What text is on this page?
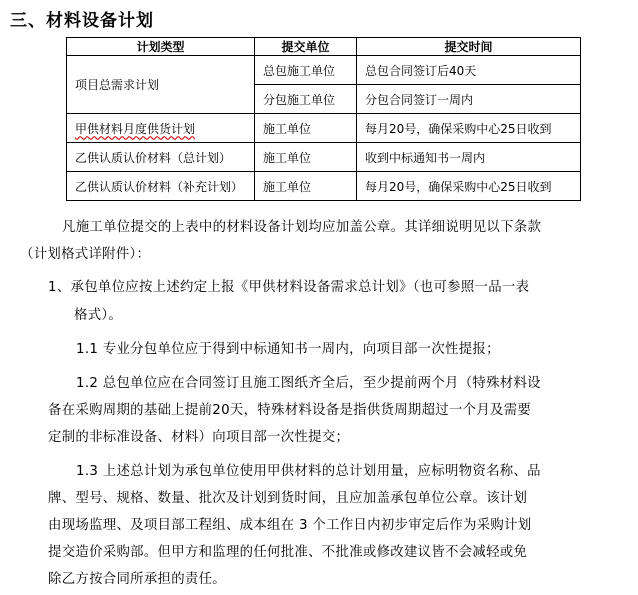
三、材料设备计划
计划类型	提交单位	提交时间
项目总需求计划	总包施工单位	总包合同签订后40天
	分包施工单位	分包合同签订一周内
甲供材料月度供货计划	施工单位	每月20号，确保采购中心25日收到
乙供认质认价材料（总计划）	施工单位	收到中标通知书一周内
乙供认质认价材料（补充计划）	施工单位	每月20号，确保采购中心25日收到
凡施工单位提交的上表中的材料设备计划均应加盖公章。其详细说明见以下条款
（计划格式详附件）：
1、承包单位应按上述约定上报《甲供材料设备需求总计划》（也可参照一品一表
格式）。
1.1 专业分包单位应于得到中标通知书一周内，向项目部一次性提报；
1.2 总包单位应在合同签订且施工图纸齐全后，至少提前两个月（特殊材料设
备在采购周期的基础上提前20天，特殊材料设备是指供货周期超过一个月及需要
定制的非标准设备、材料）向项目部一次性提交；
1.3 上述总计划为承包单位使用甲供材料的总计划用量，应标明物资名称、品
牌、型号、规格、数量、批次及计划到货时间，且应加盖承包单位公章。该计划
由现场监理、及项目部工程组、成本组在 3 个工作日内初步审定后作为采购计划
提交造价采购部。但甲方和监理的任何批准、不批准或修改建议皆不会减轻或免
除乙方按合同所承担的责任。
